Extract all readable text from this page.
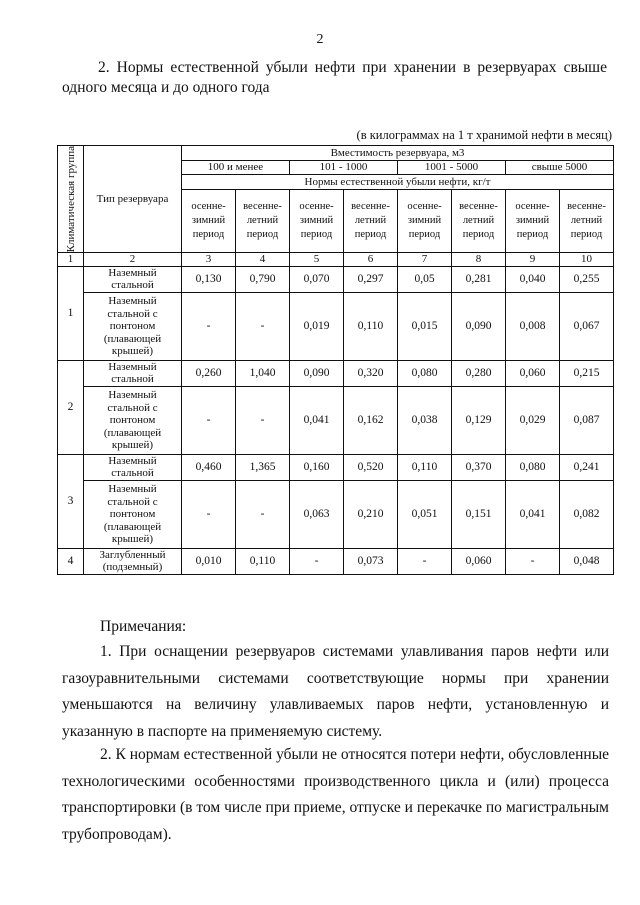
2
2. Нормы естественной убыли нефти при хранении в резервуарах свыше одного месяца и до одного года
(в килограммах на 1 т хранимой нефти в месяц)
Климатическая группа	Тип резервуара	Вместимость резервуара, м3							
		100 и менее		101 - 1000		1001 - 5000		свыше 5000	
		Нормы естественной убыли нефти, кг/т							
		осенне-зимний период	весенне-летний период	осенне-зимний период	весенне-летний период	осенне-зимний период	весенне-летний период	осенне-зимний период	весенне-летний период
1	2	3	4	5	6	7	8	9	10
1	Наземный стальной	0,130	0,790	0,070	0,297	0,05	0,281	0,040	0,255
	Наземный стальной с понтоном (плавающей крышей)	-	-	0,019	0,110	0,015	0,090	0,008	0,067
2	Наземный стальной	0,260	1,040	0,090	0,320	0,080	0,280	0,060	0,215
	Наземный стальной с понтоном (плавающей крышей)	-	-	0,041	0,162	0,038	0,129	0,029	0,087
3	Наземный стальной	0,460	1,365	0,160	0,520	0,110	0,370	0,080	0,241
	Наземный стальной с понтоном (плавающей крышей)	-	-	0,063	0,210	0,051	0,151	0,041	0,082
4	Заглубленный (подземный)	0,010	0,110	-	0,073	-	0,060	-	0,048
Примечания:
1. При оснащении резервуаров системами улавливания паров нефти или газоуравнительными системами соответствующие нормы при хранении уменьшаются на величину улавливаемых паров нефти, установленную и указанную в паспорте на применяемую систему.
2. К нормам естественной убыли не относятся потери нефти, обусловленные технологическими особенностями производственного цикла и (или) процесса транспортировки (в том числе при приеме, отпуске и перекачке по магистральным трубопроводам).
